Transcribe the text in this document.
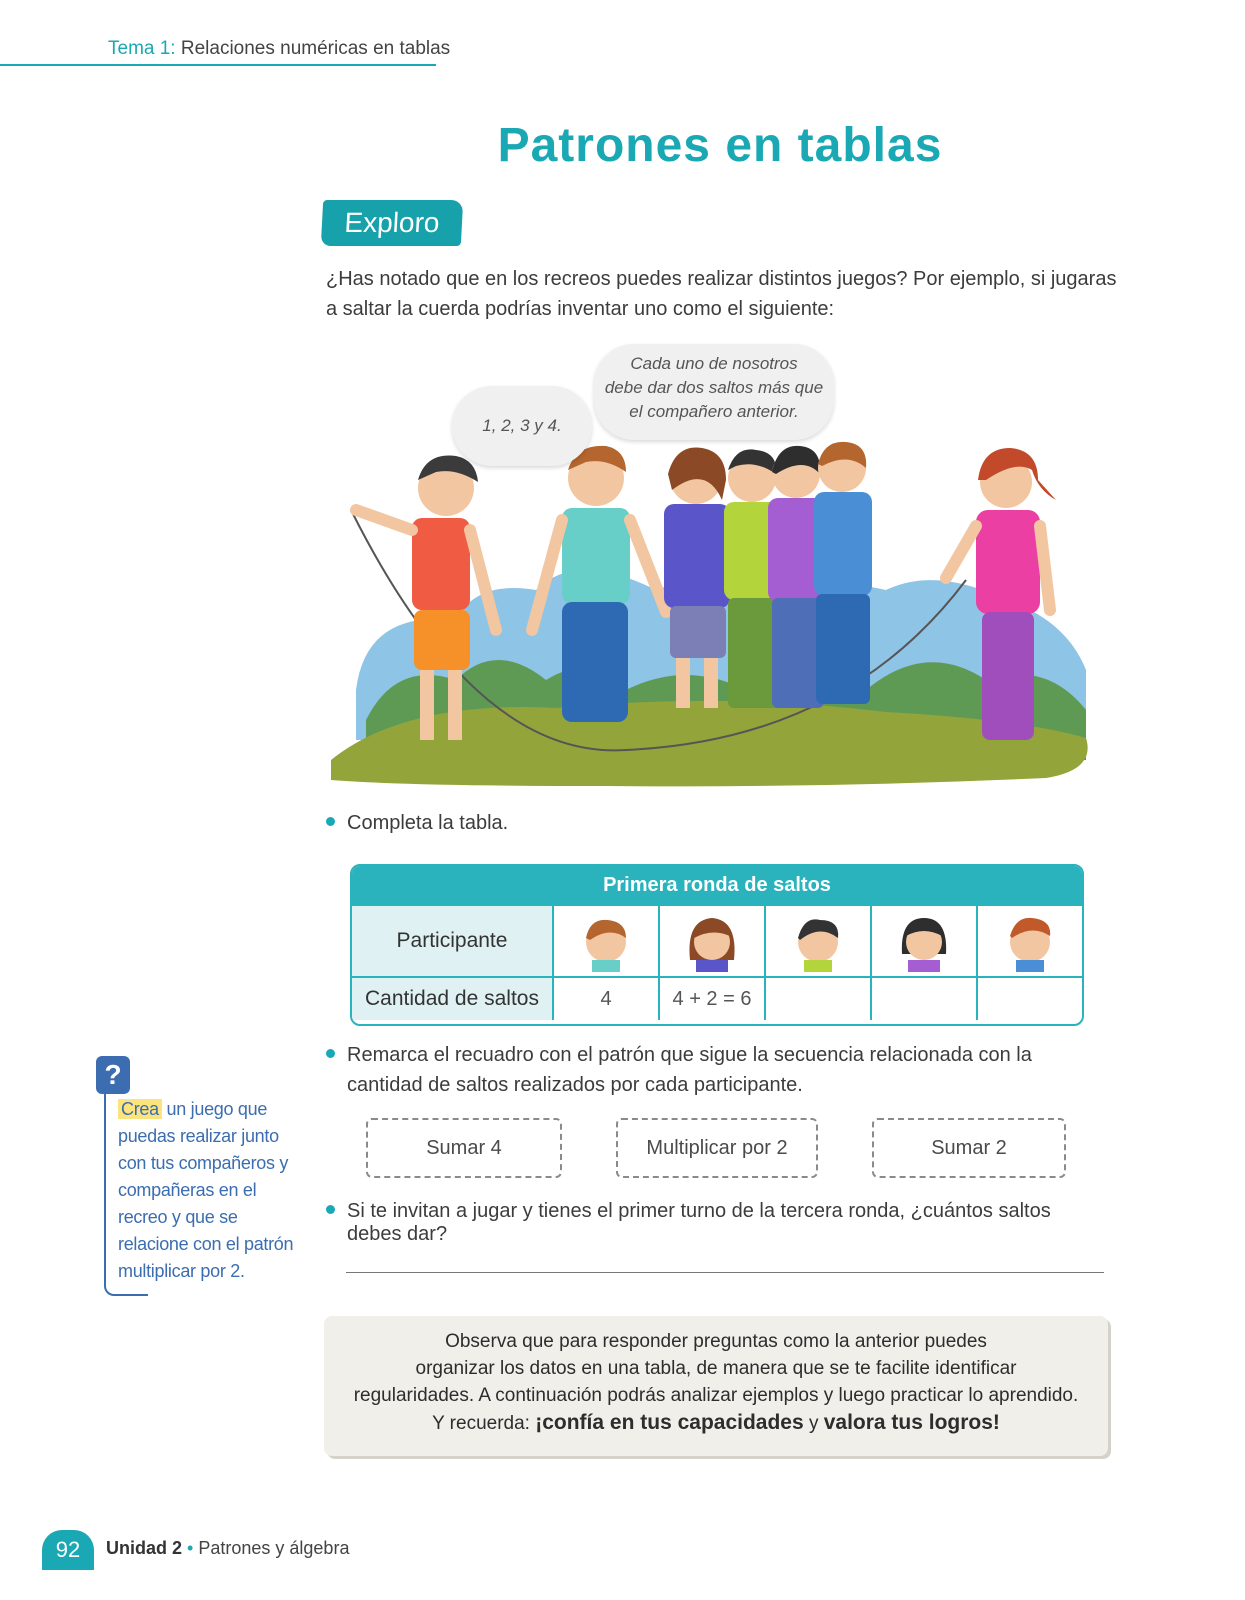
Tema 1: Relaciones numéricas en tablas
Patrones en tablas
Exploro
¿Has notado que en los recreos puedes realizar distintos juegos? Por ejemplo, si jugaras a saltar la cuerda podrías inventar uno como el siguiente:
1, 2, 3 y 4.
Cada uno de nosotros
debe dar dos saltos más que
el compañero anterior.
Completa la tabla.
Primera ronda de saltos
Participante
Cantidad de saltos	4	4 + 2 = 6
?
Crea un juego que puedas realizar junto con tus compañeros y compañeras en el recreo y que se relacione con el patrón multiplicar por 2.
Remarca el recuadro con el patrón que sigue la secuencia relacionada con la cantidad de saltos realizados por cada participante.
Sumar 4	Multiplicar por 2	Sumar 2
Si te invitan a jugar y tienes el primer turno de la tercera ronda, ¿cuántos saltos debes dar?
Observa que para responder preguntas como la anterior puedes
organizar los datos en una tabla, de manera que se te facilite identificar
regularidades. A continuación podrás analizar ejemplos y luego practicar lo aprendido.
Y recuerda: ¡confía en tus capacidades y valora tus logros!
92	Unidad 2 • Patrones y álgebra
